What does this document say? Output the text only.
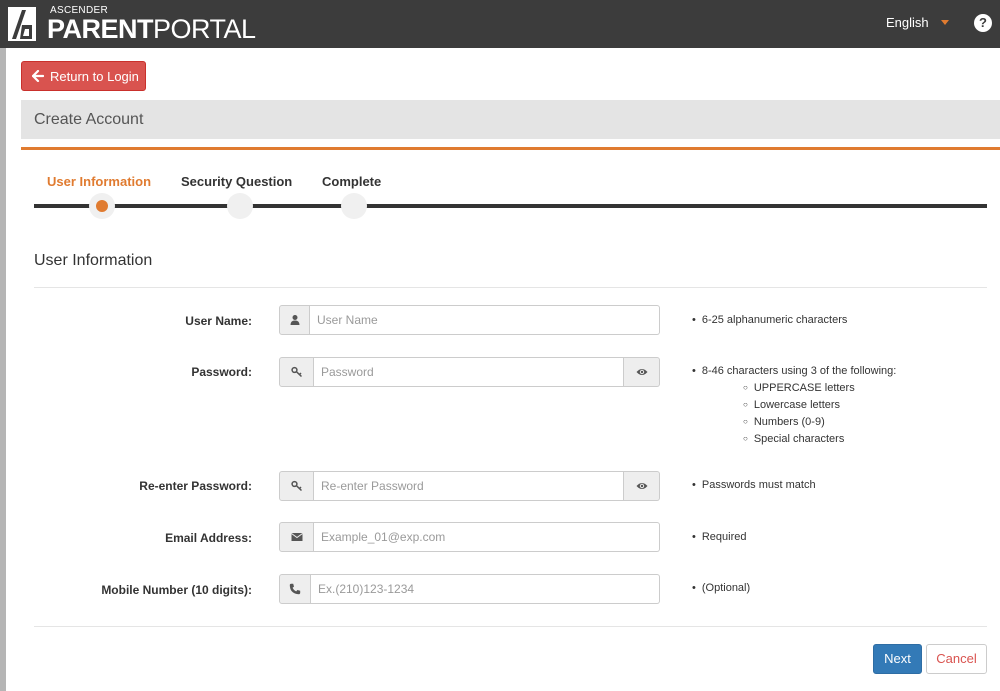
ASCENDER
PARENTPORTAL	English	?
Return to Login
Create Account
User Information Security Question Complete
User Information
User Name:
User Name	• 6-25 alphanumeric characters
Password:	• 8-46 characters using 3 of the following:
○ UPPERCASE letters
○ Lowercase letters
○ Numbers (0-9)
○ Special characters
Re-enter Password:	• Passwords must match
Email Address:
Example_01@exp.com	• Required
Mobile Number (10 digits):
Ex.(210)123-1234	• (Optional)
Next	Cancel
